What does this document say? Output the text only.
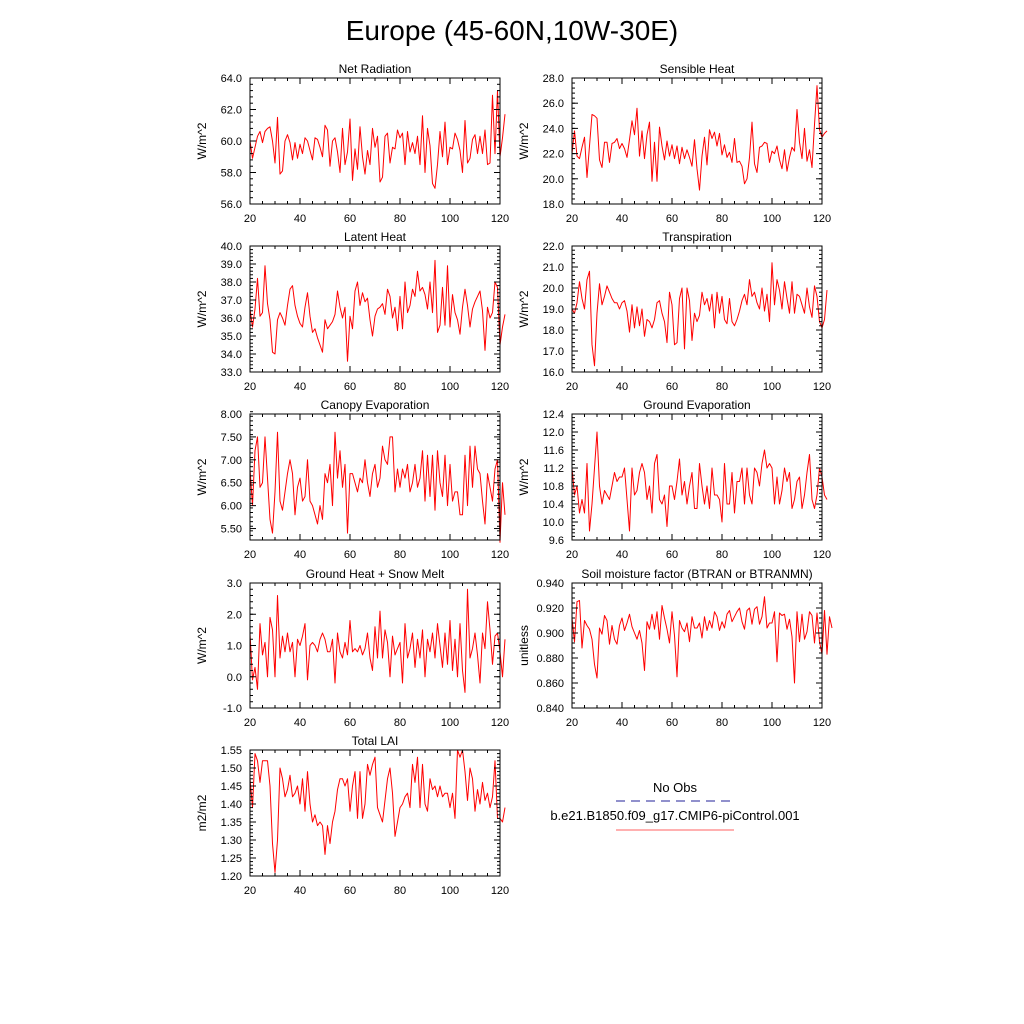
Europe (45-60N,10W-30E)
Net Radiation
W/m^2
20	40	60	80	100	120
56.0
58.0
60.0
62.0
64.0
Sensible Heat
W/m^2
20	40	60	80	100	120
18.0
20.0
22.0
24.0
26.0
28.0
Latent Heat
W/m^2
20	40	60	80	100	120
33.0
34.0
35.0
36.0
37.0
38.0
39.0
40.0
Transpiration
W/m^2
20	40	60	80	100	120
16.0
17.0
18.0
19.0
20.0
21.0
22.0
Canopy Evaporation
W/m^2
20	40	60	80	100	120
5.50
6.00
6.50
7.00
7.50
8.00
Ground Evaporation
W/m^2
20	40	60	80	100	120
9.6
10.0
10.4
10.8
11.2
11.6
12.0
12.4
Ground Heat + Snow Melt
W/m^2
20	40	60	80	100	120
-1.0
0.0
1.0
2.0
3.0
Soil moisture factor (BTRAN or BTRANMN)
unitless
20	40	60	80	100	120
0.840
0.860
0.880
0.900
0.920
0.940
Total LAI
m2/m2
20	40	60	80	100	120
1.20
1.25
1.30
1.35
1.40
1.45
1.50
1.55
No Obs
b.e21.B1850.f09_g17.CMIP6-piControl.001
